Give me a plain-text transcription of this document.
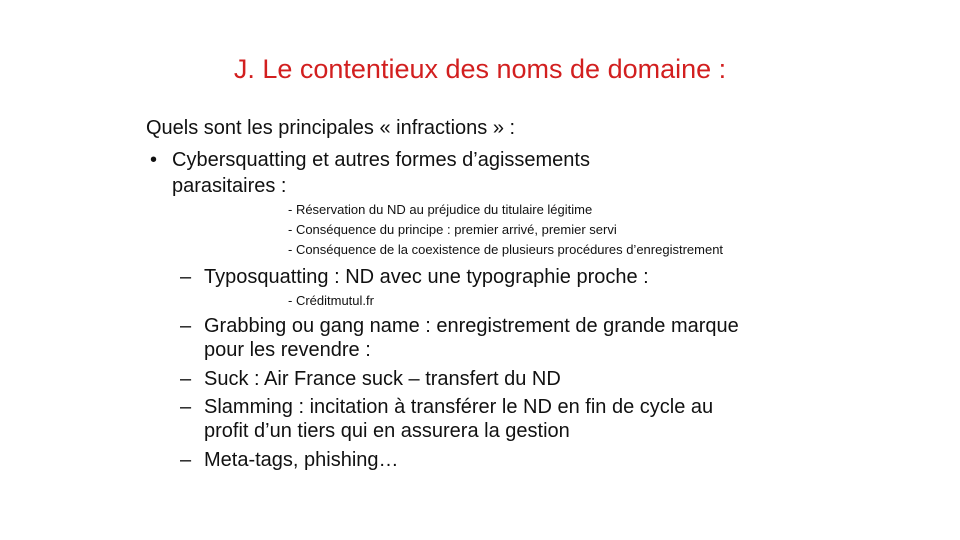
J. Le contentieux des noms de domaine :
Quels sont les principales « infractions » :
• Cybersquatting et autres formes d’agissements
parasitaires :
- Réservation du ND au préjudice du titulaire légitime
- Conséquence du principe : premier arrivé, premier servi
- Conséquence de la coexistence de plusieurs procédures d’enregistrement
– Typosquatting : ND avec une typographie proche :
- Créditmutul.fr
– Grabbing ou gang name : enregistrement de grande marque
pour les revendre :
– Suck : Air France suck – transfert du ND
– Slamming : incitation à transférer le ND en fin de cycle au
profit d’un tiers qui en assurera la gestion
– Meta-tags, phishing…
